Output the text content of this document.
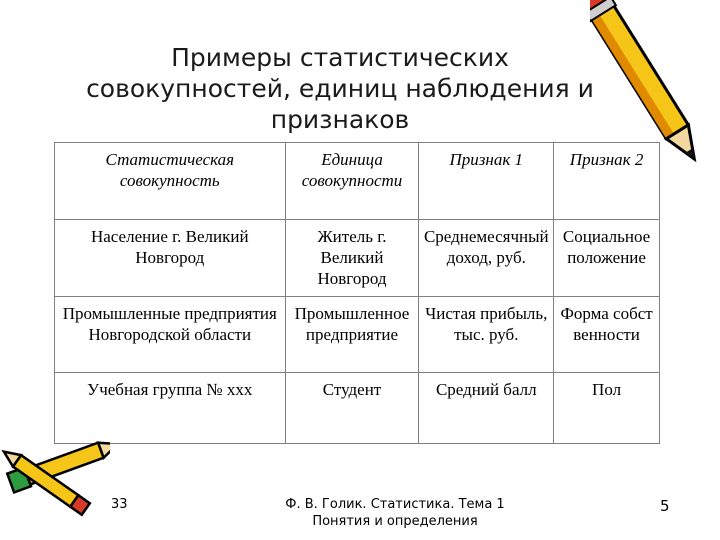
Примеры статистических
совокупностей, единиц наблюдения и
признаков
Статистическая совокупность	Единица совокупности	Признак 1	Признак 2
Население г. Великий Новгород	Житель г. Великий Новгород	Среднемесячный доход, руб.	Социальное положение
Промышленные предприятия Новгородской области	Промышленное предприятие	Чистая прибыль, тыс. руб.	Форма собственности
Учебная группа № ххх	Студент	Средний балл	Пол
33	Ф. В. Голик. Статистика. Тема 1
Понятия и определения
5
